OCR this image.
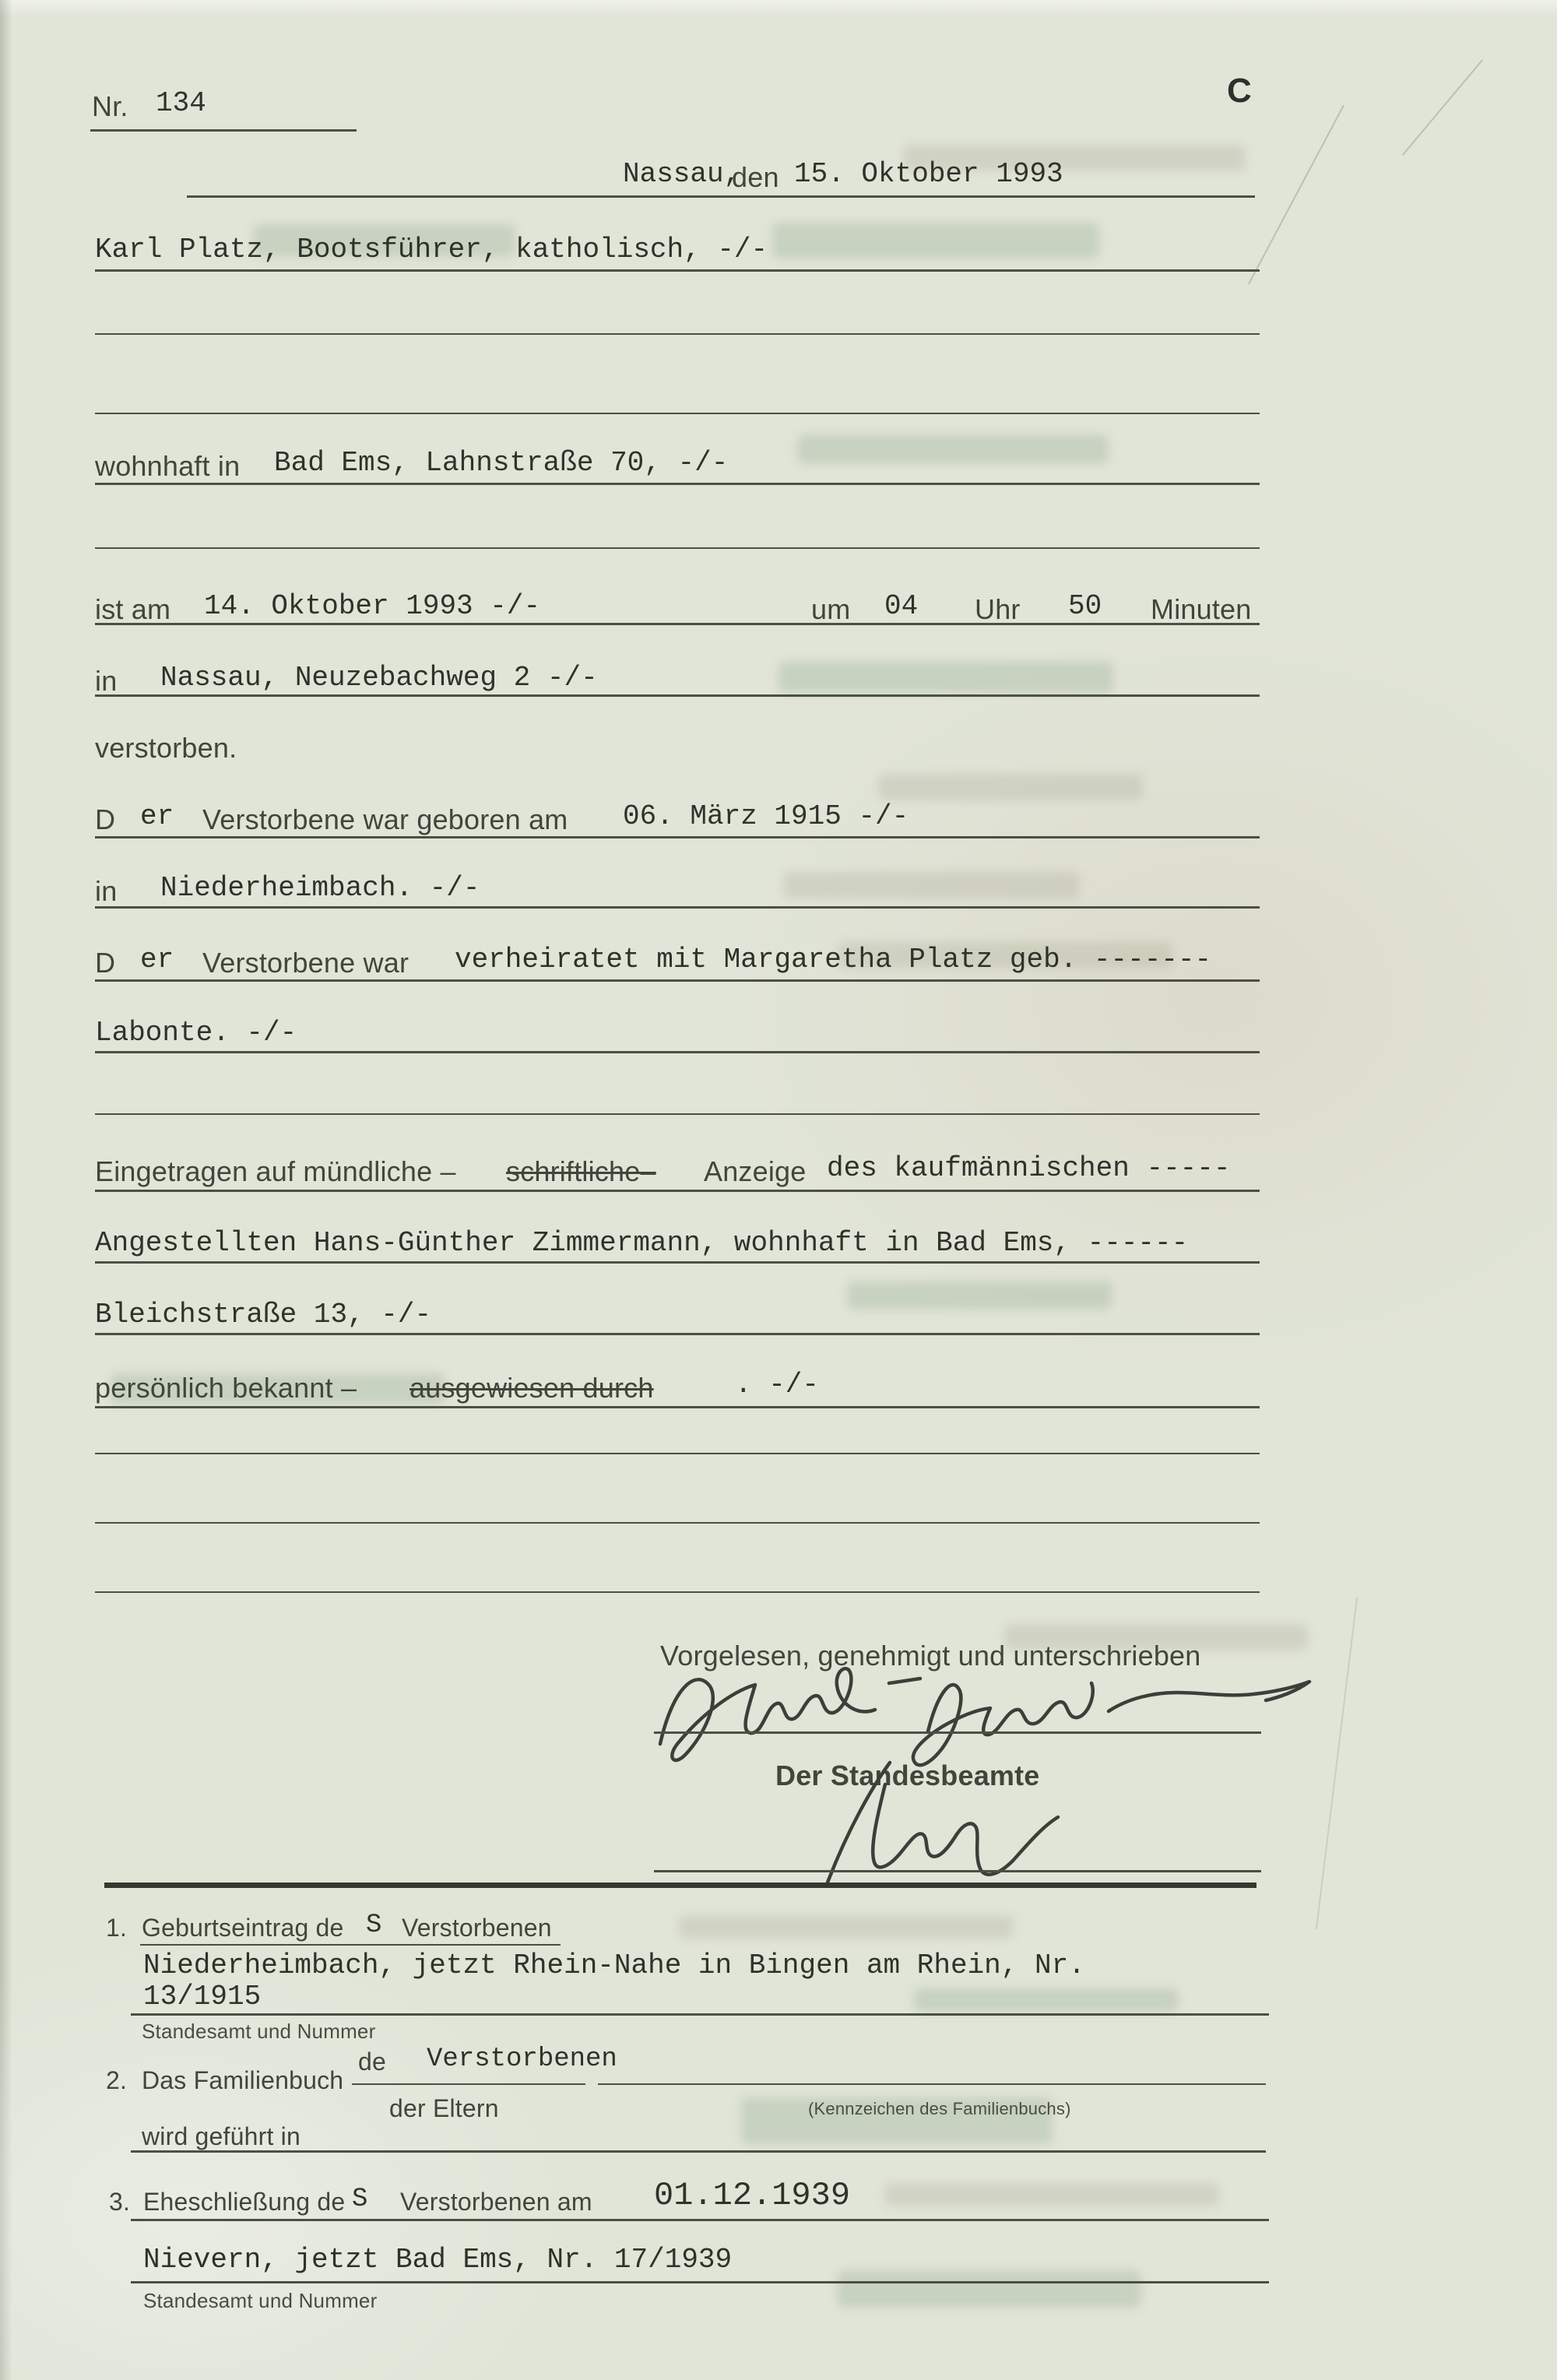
Nr. 134	C
Nassau,
den 15. Oktober 1993
Karl Platz, Bootsführer, katholisch, -/-
wohnhaft in Bad Ems, Lahnstraße 70, -/-
ist am 14. Oktober 1993 -/-	um 04 Uhr 50 Minuten
in Nassau, Neuzebachweg 2 -/-
verstorben.
D er Verstorbene war geboren am 06. März 1915 -/-
in Niederheimbach. -/-
D er Verstorbene war verheiratet mit Margaretha Platz geb. -------
Labonte. -/-
Eingetragen auf mündliche – schriftliche– Anzeige des kaufmännischen -----
Angestellten Hans-Günther Zimmermann, wohnhaft in Bad Ems, ------
Bleichstraße 13, -/-
persönlich bekannt – ausgewiesen durch	. -/-
Vorgelesen, genehmigt und unterschrieben
Der Standesbeamte
1. Geburtseintrag de S Verstorbenen
Niederheimbach, jetzt Rhein-Nahe in Bingen am Rhein, Nr.
13/1915
Standesamt und Nummer
de Verstorbenen
2. Das Familienbuch
der Eltern	(Kennzeichen des Familienbuchs)
wird geführt in
3. Eheschließung de S Verstorbenen am 01.12.1939
Nievern, jetzt Bad Ems, Nr. 17/1939
Standesamt und Nummer
